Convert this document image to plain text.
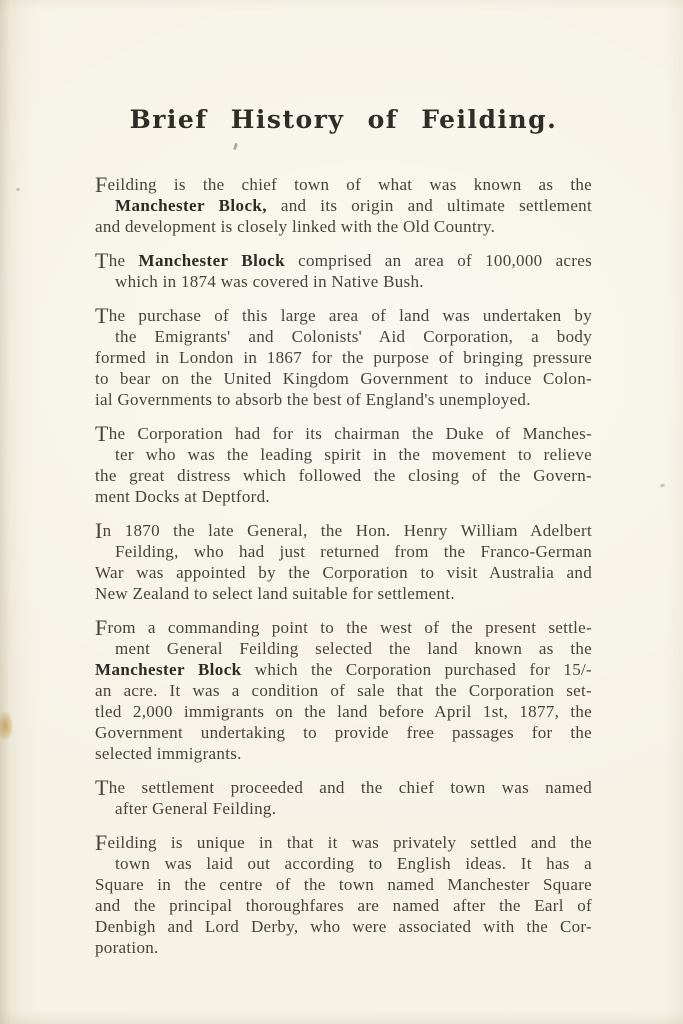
Brief History of Feilding.
Feilding is the chief town of what was known as the
Manchester Block, and its origin and ultimate settlement
and development is closely linked with the Old Country.
The Manchester Block comprised an area of 100,000 acres
which in 1874 was covered in Native Bush.
The purchase of this large area of land was undertaken by
the Emigrants' and Colonists' Aid Corporation, a body
formed in London in 1867 for the purpose of bringing pressure
to bear on the United Kingdom Government to induce Colon-
ial Governments to absorb the best of England's unemployed.
The Corporation had for its chairman the Duke of Manches-
ter who was the leading spirit in the movement to relieve
the great distress which followed the closing of the Govern-
ment Docks at Deptford.
In 1870 the late General, the Hon. Henry William Adelbert
Feilding, who had just returned from the Franco-German
War was appointed by the Corporation to visit Australia and
New Zealand to select land suitable for settlement.
From a commanding point to the west of the present settle-
ment General Feilding selected the land known as the
Manchester Block which the Corporation purchased for 15/-
an acre. It was a condition of sale that the Corporation set-
tled 2,000 immigrants on the land before April 1st, 1877, the
Government undertaking to provide free passages for the
selected immigrants.
The settlement proceeded and the chief town was named
after General Feilding.
Feilding is unique in that it was privately settled and the
town was laid out according to English ideas. It has a
Square in the centre of the town named Manchester Square
and the principal thoroughfares are named after the Earl of
Denbigh and Lord Derby, who were associated with the Cor-
poration.
